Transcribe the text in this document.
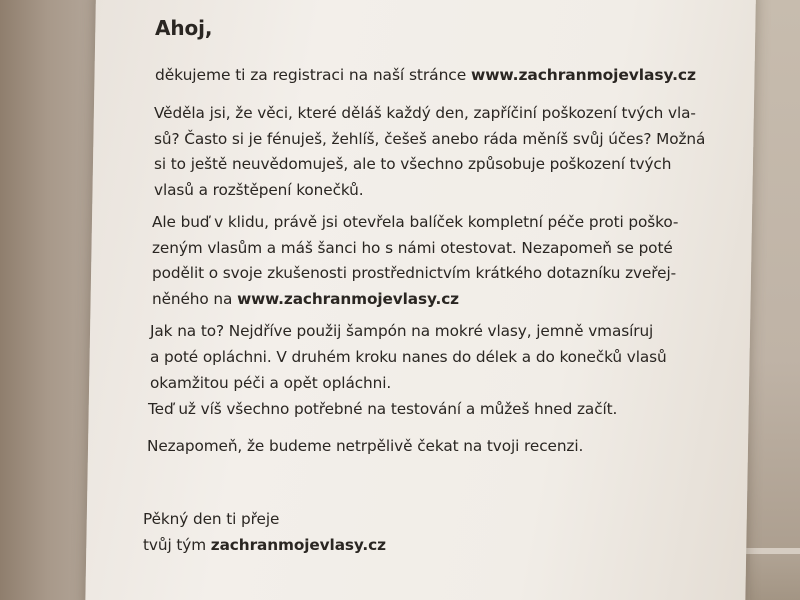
Ahoj,
děkujeme ti za registraci na naší stránce www.zachranmojevlasy.cz
Věděla jsi, že věci, které děláš každý den, zapříčiní poškození tvých vla-
sů? Často si je fénuješ, žehlíš, češeš anebo ráda měníš svůj účes? Možná
si to ještě neuvědomuješ, ale to všechno způsobuje poškození tvých
vlasů a rozštěpení konečků.
Ale buď v klidu, právě jsi otevřela balíček kompletní péče proti poško-
zeným vlasům a máš šanci ho s námi otestovat. Nezapomeň se poté
podělit o svoje zkušenosti prostřednictvím krátkého dotazníku zveřej-
něného na www.zachranmojevlasy.cz
Jak na to? Nejdříve použij šampón na mokré vlasy, jemně vmasíruj
a poté opláchni. V druhém kroku nanes do délek a do konečků vlasů
okamžitou péči a opět opláchni.
Teď už víš všechno potřebné na testování a můžeš hned začít.
Nezapomeň, že budeme netrpělivě čekat na tvoji recenzi.
Pěkný den ti přeje
tvůj tým zachranmojevlasy.cz
